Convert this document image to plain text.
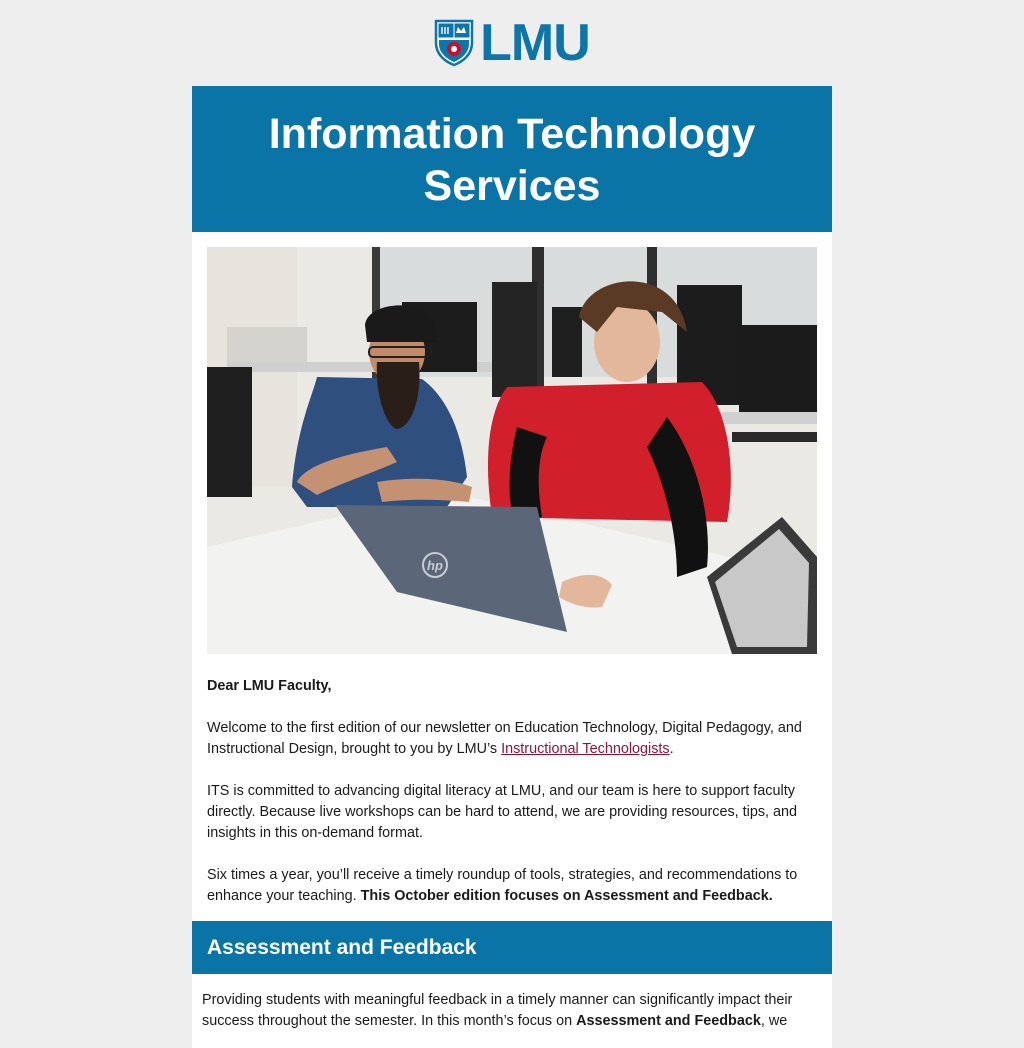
LMU
Information Technology
Services
hp

Dear LMU Faculty,

Welcome to the first edition of our newsletter on Education Technology, Digital Pedagogy, and Instructional Design, brought to you by LMU’s Instructional Technologists.

ITS is committed to advancing digital literacy at LMU, and our team is here to support faculty directly. Because live workshops can be hard to attend, we are providing resources, tips, and insights in this on-demand format.

Six times a year, you’ll receive a timely roundup of tools, strategies, and recommendations to enhance your teaching. This October edition focuses on Assessment and Feedback.

Assessment and Feedback
Providing students with meaningful feedback in a timely manner can significantly impact their success throughout the semester. In this month’s focus on Assessment and Feedback, we
